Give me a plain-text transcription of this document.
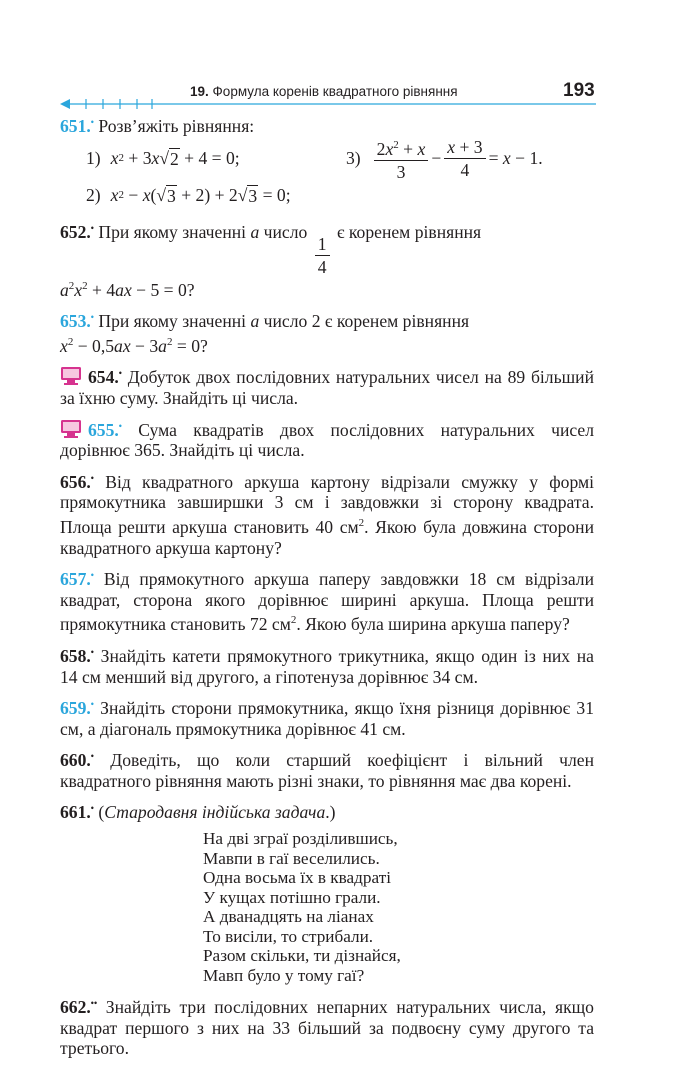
19. Формула коренів квадратного рівняння	193
651.• Розв’яжіть рівняння:
1) x 2 + 3 x √ 2 + 4 = 0;	$3) \frac{2x^2 + x}{3} - \frac{x + 3}{4} = x - 1$.
2) x 2 − x ( √ 3 + 2) + 2 √ 3 = 0;
652.• При якому значенні a число
$\frac{1}{4}$
є коренем рівняння
$a^2x^2 + 4ax - 5 = 0$?
653.• При якому значенні a число 2 є коренем рівняння
$x^2 - 0,5ax - 3a^2 = 0$?
654.• Добуток двох послідовних натуральних чисел на 89 більший за їхню суму. Знайдіть ці числа.
655.• Сума квадратів двох послідовних натуральних чисел дорівнює 365. Знайдіть ці числа.
656.• Від квадратного аркуша картону відрізали смужку у формі прямокутника завширшки 3 см і завдовжки зі сторону квадрата. Площа решти аркуша становить 40 $см^2$. Якою була довжина сторони квадратного аркуша картону?
657.• Від прямокутного аркуша паперу завдовжки 18 см відрізали квадрат, сторона якого дорівнює ширині аркуша. Площа решти прямокутника становить 72 $см^2$. Якою була ширина аркуша паперу?
658.• Знайдіть катети прямокутного трикутника, якщо один із них на 14 см менший від другого, а гіпотенуза дорівнює 34 см.
659.• Знайдіть сторони прямокутника, якщо їхня різниця дорівнює 31 см, а діагональ прямокутника дорівнює 41 см.
660.• Доведіть, що коли старший коефіцієнт і вільний член квадратного рівняння мають різні знаки, то рівняння має два корені.
661.• (Стародавня індійська задача.)
На дві зграї розділившись,
Мавпи в гаї веселились.
Одна восьма їх в квадраті
У кущах потішно грали.
А дванадцять на ліанах
То висіли, то стрибали.
Разом скільки, ти дізнайся,
Мавп було у тому гаї?
662.•• Знайдіть три послідовних непарних натуральних числа, якщо квадрат першого з них на 33 більший за подвоєну суму другого та третього.
